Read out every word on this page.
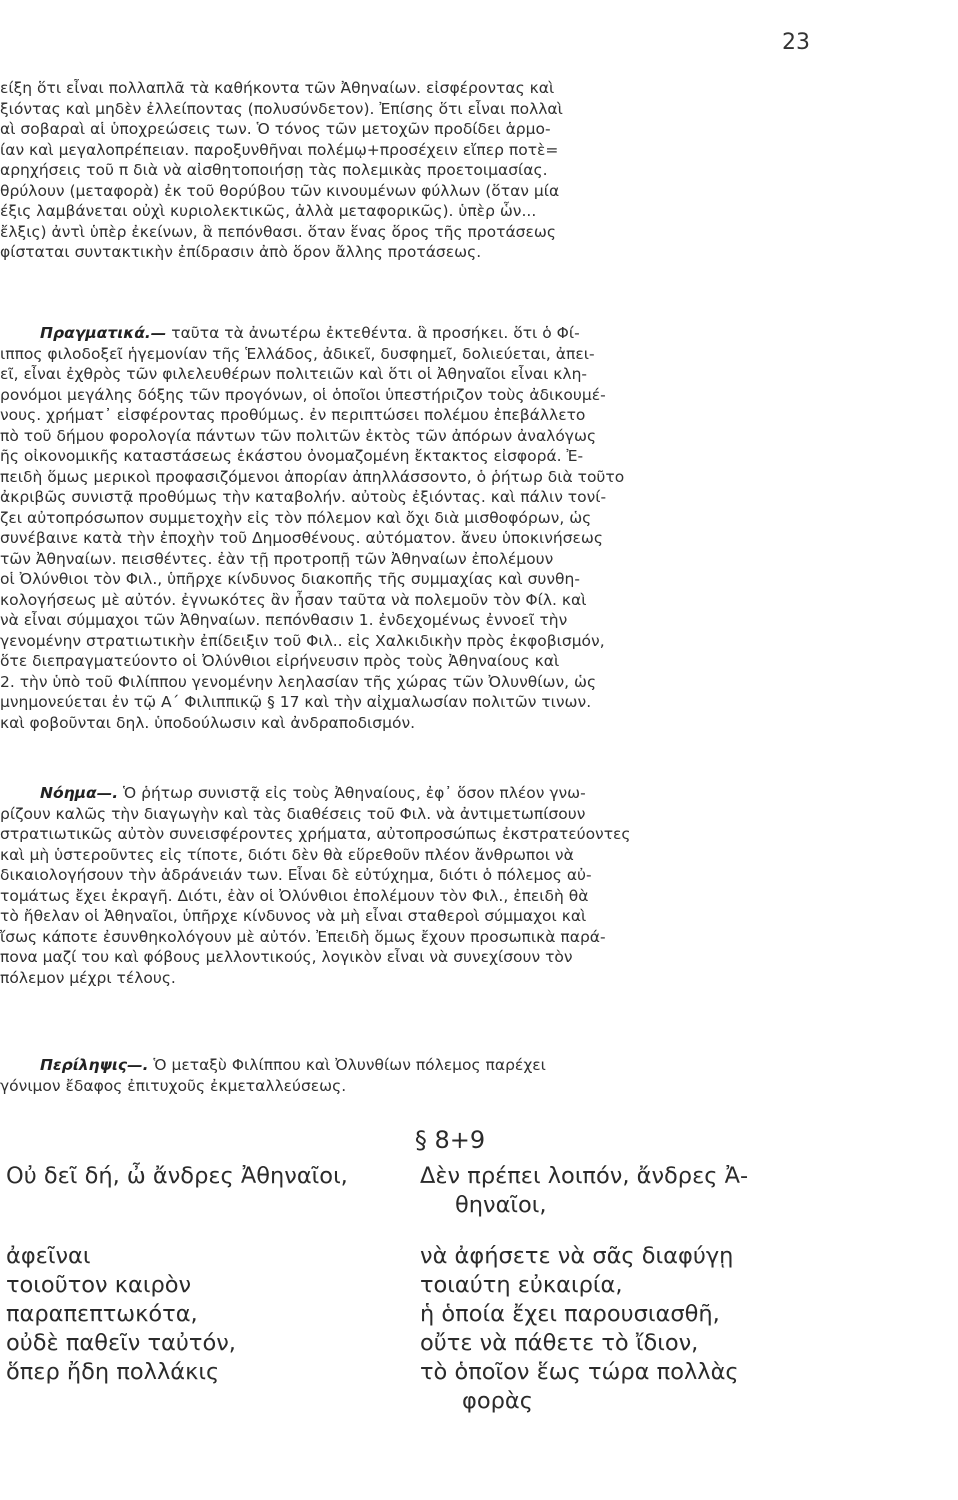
23

είξη ὅτι εἶναι πολλαπλᾶ τὰ καθήκοντα τῶν Ἀθηναίων. εἰσφέροντας καὶ

ξιόντας καὶ μηδὲν ἐλλείποντας (πολυσύνδετον). Ἐπίσης ὅτι εἶναι πολλαὶ

αὶ σοβαραὶ αἱ ὑποχρεώσεις των. Ὁ τόνος τῶν μετοχῶν προδίδει ἁρμο-

ίαν καὶ μεγαλοπρέπειαν. παροξυνθῆναι πολέμῳ+προσέχειν εἴπερ ποτὲ=

αρηχήσεις τοῦ π διὰ νὰ αἰσθητοποιήσῃ τὰς πολεμικὰς προετοιμασίας.

θρύλουν (μεταφορὰ) ἐκ τοῦ θορύβου τῶν κινουμένων φύλλων (ὅταν μία

έξις λαμβάνεται οὐχὶ κυριολεκτικῶς, ἀλλὰ μεταφορικῶς). ὑπὲρ ὧν...

ἔλξις) ἀντὶ ὑπὲρ ἐκείνων, ἃ πεπόνθασι. ὅταν ἕνας ὅρος τῆς προτάσεως

φίσταται συντακτικὴν ἐπίδρασιν ἀπὸ ὅρον ἄλλης προτάσεως.

Πραγματικά.— ταῦτα τὰ ἀνωτέρω ἐκτεθέντα. ἃ προσήκει. ὅτι ὁ Φί-

ιππος φιλοδοξεῖ ἡγεμονίαν τῆς Ἑλλάδος, ἀδικεῖ, δυσφημεῖ, δολιεύεται, ἀπει-

εῖ, εἶναι ἐχθρὸς τῶν φιλελευθέρων πολιτειῶν καὶ ὅτι οἱ Ἀθηναῖοι εἶναι κλη-

ρονόμοι μεγάλης δόξης τῶν προγόνων, οἱ ὁποῖοι ὑπεστήριζον τοὺς ἀδικουμέ-

νους. χρήματ᾽ εἰσφέροντας προθύμως. ἐν περιπτώσει πολέμου ἐπεβάλλετο

πὸ τοῦ δήμου φορολογία πάντων τῶν πολιτῶν ἐκτὸς τῶν ἀπόρων ἀναλόγως

ῆς οἰκονομικῆς καταστάσεως ἑκάστου ὀνομαζομένη ἔκτακτος εἰσφορά. Ἐ-

πειδὴ ὅμως μερικοὶ προφασιζόμενοι ἀπορίαν ἀπηλλάσσοντο, ὁ ῥήτωρ διὰ τοῦτο

ἀκριβῶς συνιστᾷ προθύμως τὴν καταβολήν. αὐτοὺς ἐξιόντας. καὶ πάλιν τονί-

ζει αὐτοπρόσωπον συμμετοχὴν εἰς τὸν πόλεμον καὶ ὄχι διὰ μισθοφόρων, ὡς

συνέβαινε κατὰ τὴν ἐποχὴν τοῦ Δημοσθένους. αὐτόματον. ἄνευ ὑποκινήσεως

τῶν Ἀθηναίων. πεισθέντες. ἐὰν τῇ προτροπῇ τῶν Ἀθηναίων ἐπολέμουν

οἱ Ὀλύνθιοι τὸν Φιλ., ὑπῆρχε κίνδυνος διακοπῆς τῆς συμμαχίας καὶ συνθη-

κολογήσεως μὲ αὐτόν. ἐγνωκότες ἂν ἦσαν ταῦτα νὰ πολεμοῦν τὸν Φίλ. καὶ

νὰ εἶναι σύμμαχοι τῶν Ἀθηναίων. πεπόνθασιν 1. ἐνδεχομένως ἐννοεῖ τὴν

γενομένην στρατιωτικὴν ἐπίδειξιν τοῦ Φιλ.. εἰς Χαλκιδικὴν πρὸς ἐκφοβισμόν,

ὅτε διεπραγματεύοντο οἱ Ὀλύνθιοι εἰρήνευσιν πρὸς τοὺς Ἀθηναίους καὶ

2. τὴν ὑπὸ τοῦ Φιλίππου γενομένην λεηλασίαν τῆς χώρας τῶν Ὀλυνθίων, ὡς

μνημονεύεται ἐν τῷ Α΄ Φιλιππικῷ § 17 καὶ τὴν αἰχμαλωσίαν πολιτῶν τινων.

καὶ φοβοῦνται δηλ. ὑποδούλωσιν καὶ ἀνδραποδισμόν.

Νόημα—. Ὁ ῥήτωρ συνιστᾷ εἰς τοὺς Ἀθηναίους, ἐφ᾽ ὅσον πλέον γνω-

ρίζουν καλῶς τὴν διαγωγὴν καὶ τὰς διαθέσεις τοῦ Φιλ. νὰ ἀντιμετωπίσουν

στρατιωτικῶς αὐτὸν συνεισφέροντες χρήματα, αὐτοπροσώπως ἐκστρατεύοντες

καὶ μὴ ὑστεροῦντες εἰς τίποτε, διότι δὲν θὰ εὕρεθοῦν πλέον ἄνθρωποι νὰ

δικαιολογήσουν τὴν ἀδράνειάν των. Εἶναι δὲ εὐτύχημα, διότι ὁ πόλεμος αὐ-

τομάτως ἔχει ἐκραγῆ. Διότι, ἐὰν οἱ Ὀλύνθιοι ἐπολέμουν τὸν Φιλ., ἐπειδὴ θὰ

τὸ ἤθελαν οἱ Ἀθηναῖοι, ὑπῆρχε κίνδυνος νὰ μὴ εἶναι σταθεροὶ σύμμαχοι καὶ

ἴσως κάποτε ἐσυνθηκολόγουν μὲ αὐτόν. Ἐπειδὴ ὅμως ἔχουν προσωπικὰ παρά-

πονα μαζί του καὶ φόβους μελλοντικούς, λογικὸν εἶναι νὰ συνεχίσουν τὸν

πόλεμον μέχρι τέλους.

Περίληψις—. Ὁ μεταξὺ Φιλίππου καὶ Ὀλυνθίων πόλεμος παρέχει

γόνιμον ἔδαφος ἐπιτυχοῦς ἐκμεταλλεύσεως.

§ 8+9
Οὐ δεῖ δή, ὦ ἄνδρες Ἀθηναῖοι,	Δὲν πρέπει λοιπόν, ἄνδρες Ἀ-
θηναῖοι,
ἀφεῖναι	νὰ ἀφήσετε νὰ σᾶς διαφύγῃ
τοιοῦτον καιρὸν	τοιαύτη εὐκαιρία,
παραπεπτωκότα,	ἡ ὁποία ἔχει παρουσιασθῆ,
οὐδὲ παθεῖν ταὐτόν,	οὔτε νὰ πάθετε τὸ ἴδιον,
ὅπερ ἤδη πολλάκις	τὸ ὁποῖον ἕως τώρα πολλὰς
φορὰς
